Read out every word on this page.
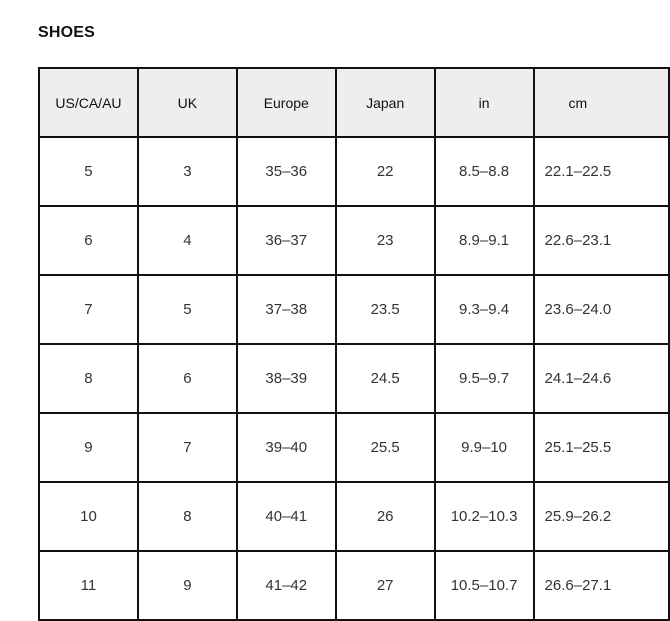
SHOES
US/CA/AU	UK	Europe	Japan	in	cm
5	3	35–36	22	8.5–8.8	22.1–22.5
6	4	36–37	23	8.9–9.1	22.6–23.1
7	5	37–38	23.5	9.3–9.4	23.6–24.0
8	6	38–39	24.5	9.5–9.7	24.1–24.6
9	7	39–40	25.5	9.9–10	25.1–25.5
10	8	40–41	26	10.2–10.3	25.9–26.2
11	9	41–42	27	10.5–10.7	26.6–27.1
